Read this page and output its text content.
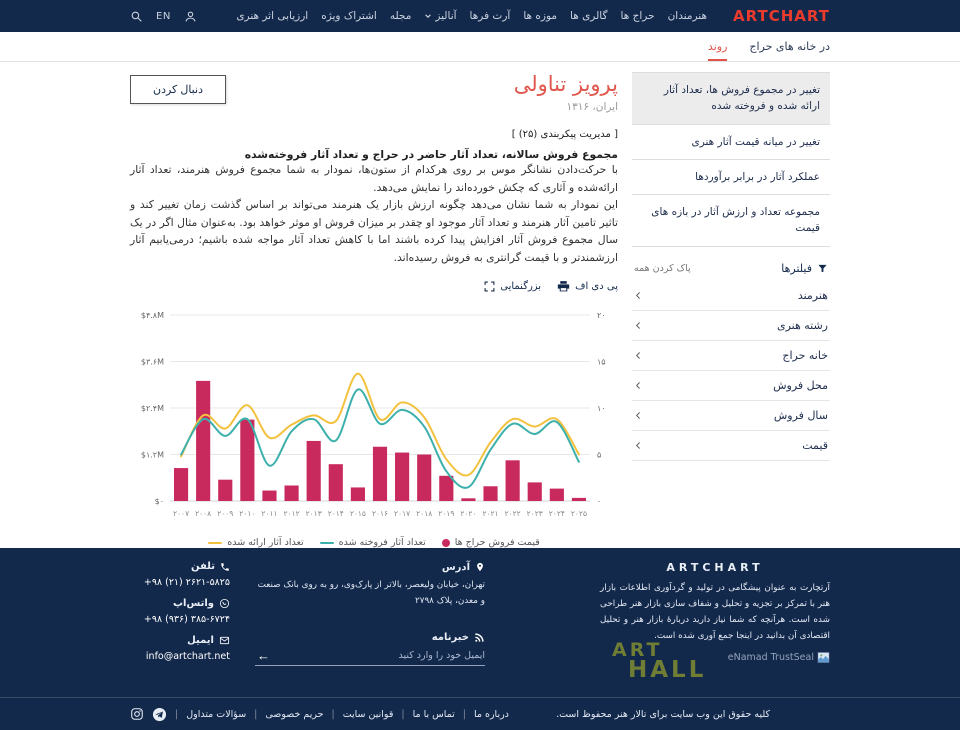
ARTCHART
هنرمندان
حراج ها
گالری ها
موزه ها
آرت فرها
آنالیز
مجله
اشتراک ویژه
ارزیابی اثر هنری
EN
در خانه های حراج
روند
تغییر در مجموع فروش ها، تعداد آثار ارائه شده و فروخته شده
تغییر در میانه قیمت آثار هنری
عملکرد آثار در برابر برآوردها
مجموعه تعداد و ارزش آثار در بازه های قیمت
فیلترها
پاک کردن همه
هنرمند
رشته هنری
خانه حراج
محل فروش
سال فروش
قیمت
پرویز تناولی
ایران، ۱۳۱۶
دنبال کردن
[ مدیریت پیکربندی (۲۵) ]
مجموع فروش سالانه، تعداد آثار حاضر در حراج و تعداد آثار فروخته‌شده
با حرکت‌دادن نشانگر موس بر روی هرکدام از ستون‌ها، نمودار به شما مجموع فروش هنرمند، تعداد آثار ارائه‌شده و آثاری که چکش خورده‌اند را نمایش می‌دهد.
این نمودار به شما نشان می‌دهد چگونه ارزش بازار یک هنرمند می‌تواند بر اساس گذشت زمان تغییر کند و تاثیر تامین آثار هنرمند و تعداد آثار موجود او چقدر بر میزان فروش او موثر خواهد بود. به‌عنوان مثال اگر در یک سال مجموع فروش آثار افزایش پیدا کرده باشند اما با کاهش تعداد آثار مواجه شده باشیم؛ درمی‌یابیم آثار ارزشمندتر و با قیمت گرانتری به فروش رسیده‌اند.
بزرگنمایی	پی دی اف
$۰	۰
$۱.۲M	۵
$۲.۴M	۱۰
$۳.۶M	۱۵
$۴.۸M	۲۰
۲۰۰۷ ۲۰۰۸ ۲۰۰۹ ۲۰۱۰ ۲۰۱۱ ۲۰۱۲ ۲۰۱۳ ۲۰۱۴ ۲۰۱۵ ۲۰۱۶ ۲۰۱۷ ۲۰۱۸ ۲۰۱۹ ۲۰۲۰ ۲۰۲۱ ۲۰۲۲ ۲۰۲۳ ۲۰۲۴ ۲۰۲۵
تعداد آثار ارائه شده	تعداد آثار فروخته شده	قیمت فروش حراج ها
ARTCHART
آرتچارت به عنوان پیشگامی در تولید و گردآوری اطلاعات بازار هنر با تمرکز بر تجزیه و تحلیل و شفاف سازی بازار هنر طراحی شده است. هرآنچه که شما نیاز دارید دربارهٔ بازار هنر و تحلیل اقتصادی آن بدانید در اینجا جمع آوری شده است.
eNamad TrustSeal
آدرس
تهران، خیابان ولیعصر، بالاتر از پارک‌وی، رو به روی بانک صنعت و معدن، پلاک ۲۷۹۸
خبرنامه
←
ایمیل خود را وارد کنید
تلفن
+۹۸ (۲۱) ۲۶۲۱-۵۸۲۵
واتس‌اپ
+۹۸ (۹۳۶) ۳۸۵-۶۷۲۴
ایمیل
info@artchart.net	ART
HALL
کلیه حقوق این وب سایت برای تالار هنر محفوظ است.
درباره ما
|
تماس با ما
|
قوانین سایت
|
حریم خصوصی
|
سؤالات متداول
|
